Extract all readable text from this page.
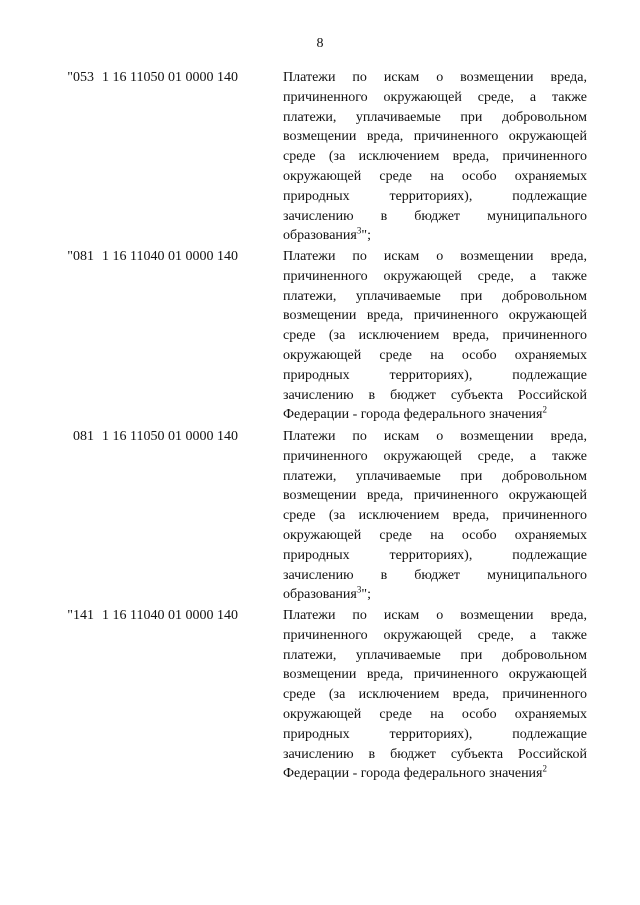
8
"053 1 16 11050 01 0000 140	Платежи по искам о возмещении вреда,
причиненного окружающей среде, а также
платежи, уплачиваемые при добровольном
возмещении вреда, причиненного окружающей
среде (за исключением вреда, причиненного
окружающей среде на особо охраняемых
природных территориях), подлежащие
зачислению в бюджет муниципального
образования$^3$";
"081 1 16 11040 01 0000 140	Платежи по искам о возмещении вреда,
причиненного окружающей среде, а также
платежи, уплачиваемые при добровольном
возмещении вреда, причиненного окружающей
среде (за исключением вреда, причиненного
окружающей среде на особо охраняемых
природных территориях), подлежащие
зачислению в бюджет субъекта Российской
Федерации - города федерального значения$^2$
081 1 16 11050 01 0000 140	Платежи по искам о возмещении вреда,
причиненного окружающей среде, а также
платежи, уплачиваемые при добровольном
возмещении вреда, причиненного окружающей
среде (за исключением вреда, причиненного
окружающей среде на особо охраняемых
природных территориях), подлежащие
зачислению в бюджет муниципального
образования$^3$";
"141 1 16 11040 01 0000 140	Платежи по искам о возмещении вреда,
причиненного окружающей среде, а также
платежи, уплачиваемые при добровольном
возмещении вреда, причиненного окружающей
среде (за исключением вреда, причиненного
окружающей среде на особо охраняемых
природных территориях), подлежащие
зачислению в бюджет субъекта Российской
Федерации - города федерального значения$^2$
